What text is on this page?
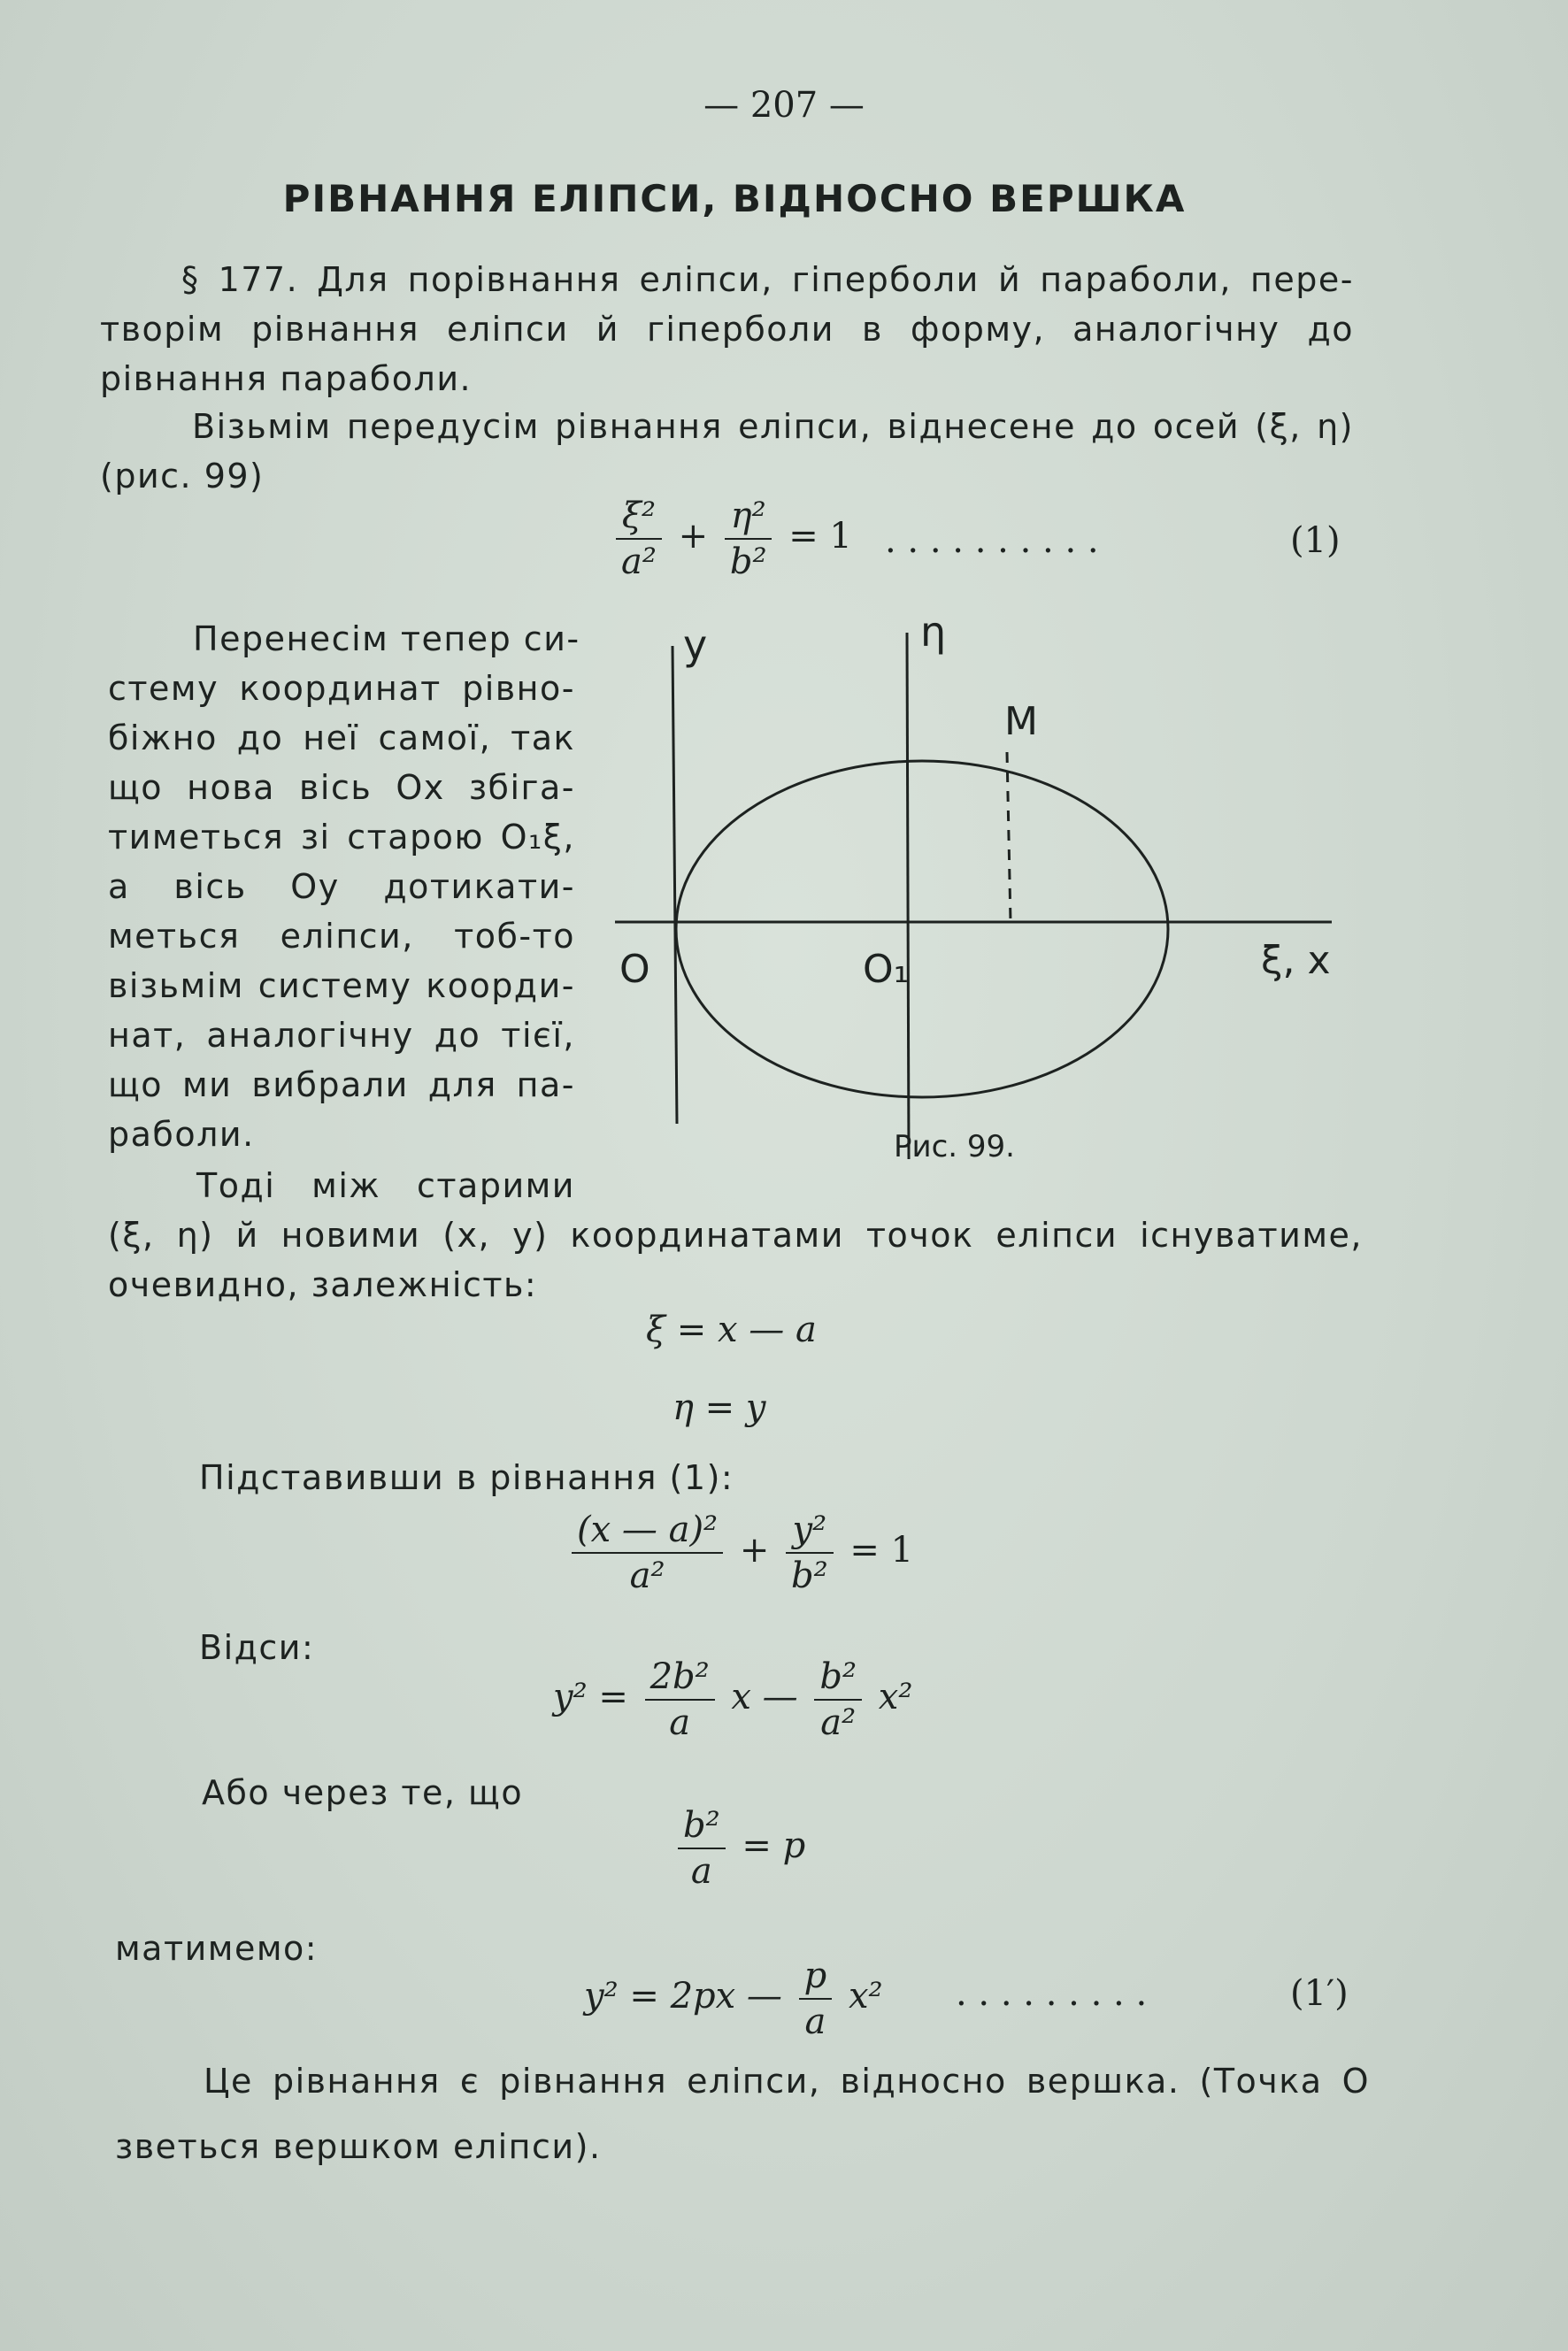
— 207 —
РІВНАННЯ ЕЛІПСИ, ВІДНОСНО ВЕРШКА
§ 177. Для порівнання еліпси, гіперболи й параболи, пере-
творім рівнання еліпси й гіперболи в форму, аналогічну до
рівнання параболи.
Візьмім передусім рівнання еліпси, віднесене до осей (ξ, η)
(рис. 99)
$\frac{\text{ξ²}}{\text{a²}} + \frac{\text{η²}}{\text{b²}} = 1$ . . . . . . . . . .	(1)
Перенесім тепер си-
стему координат рівно-
біжно до неї самої, так
що нова вісь Ox збіга-
тиметься зі старою O₁ξ,
а вісь Oy дотикати-
меться еліпси, тоб-то
візьмім систему коорди-
нат, аналогічну до тієї,
що ми вибрали для па-
раболи.
y	η
M
O	O₁	ξ, x
Рис. 99.
Тоді між старими
(ξ, η) й новими (x, y) координатами точок еліпси існуватиме,
очевидно, залежність:
ξ = x — a
η = y
Підставивши в рівнання (1):
$\frac{\text{(x — a)²}}{\text{a²}} + \frac{\text{y²}}{\text{b²}} = 1$
Відси:
$y^2 = \frac{\text{2b²}}{a}$ x — $\frac{\text{b²}}{\text{a²}} x^2$
Або через те, що
$\frac{\text{b²}}{a} = p$
матимемо:
y² = 2px — $\frac{p}{a} x^2$ . . . . . . . . .	(1′)
Це рівнання є рівнання еліпси, відносно вершка. (Точка O
зветься вершком еліпси).
